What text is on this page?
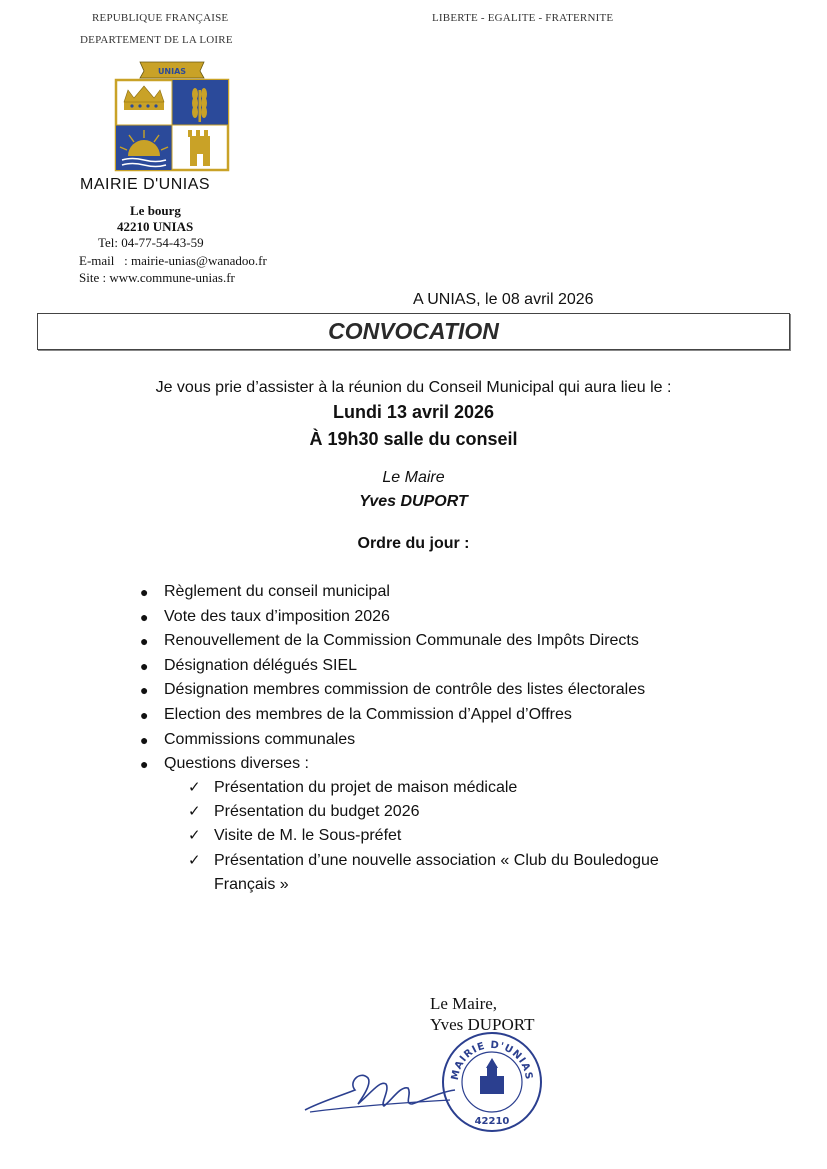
REPUBLIQUE FRANÇAISE	LIBERTE - EGALITE - FRATERNITE
DEPARTEMENT DE LA LOIRE
UNIAS
MAIRIE D'UNIAS
Le bourg
42210 UNIAS
Tel: 04-77-54-43-59
E-mail : mairie-unias@wanadoo.fr
Site : www.commune-unias.fr
A UNIAS, le 08 avril 2026
CONVOCATION
Je vous prie d’assister à la réunion du Conseil Municipal qui aura lieu le :
Lundi 13 avril 2026
À 19h30 salle du conseil
Le Maire
Yves DUPORT
Ordre du jour :
● Règlement du conseil municipal
● Vote des taux d’imposition 2026
● Renouvellement de la Commission Communale des Impôts Directs
● Désignation délégués SIEL
● Désignation membres commission de contrôle des listes électorales
● Election des membres de la Commission d’Appel d’Offres
● Commissions communales
● Questions diverses :
✓ Présentation du projet de maison médicale
✓ Présentation du budget 2026
✓ Visite de M. le Sous-préfet
✓ Présentation d’une nouvelle association « Club du Bouledogue Français »
Le Maire,
Yves DUPORT
MAIRIE D'UNIAS
42210
